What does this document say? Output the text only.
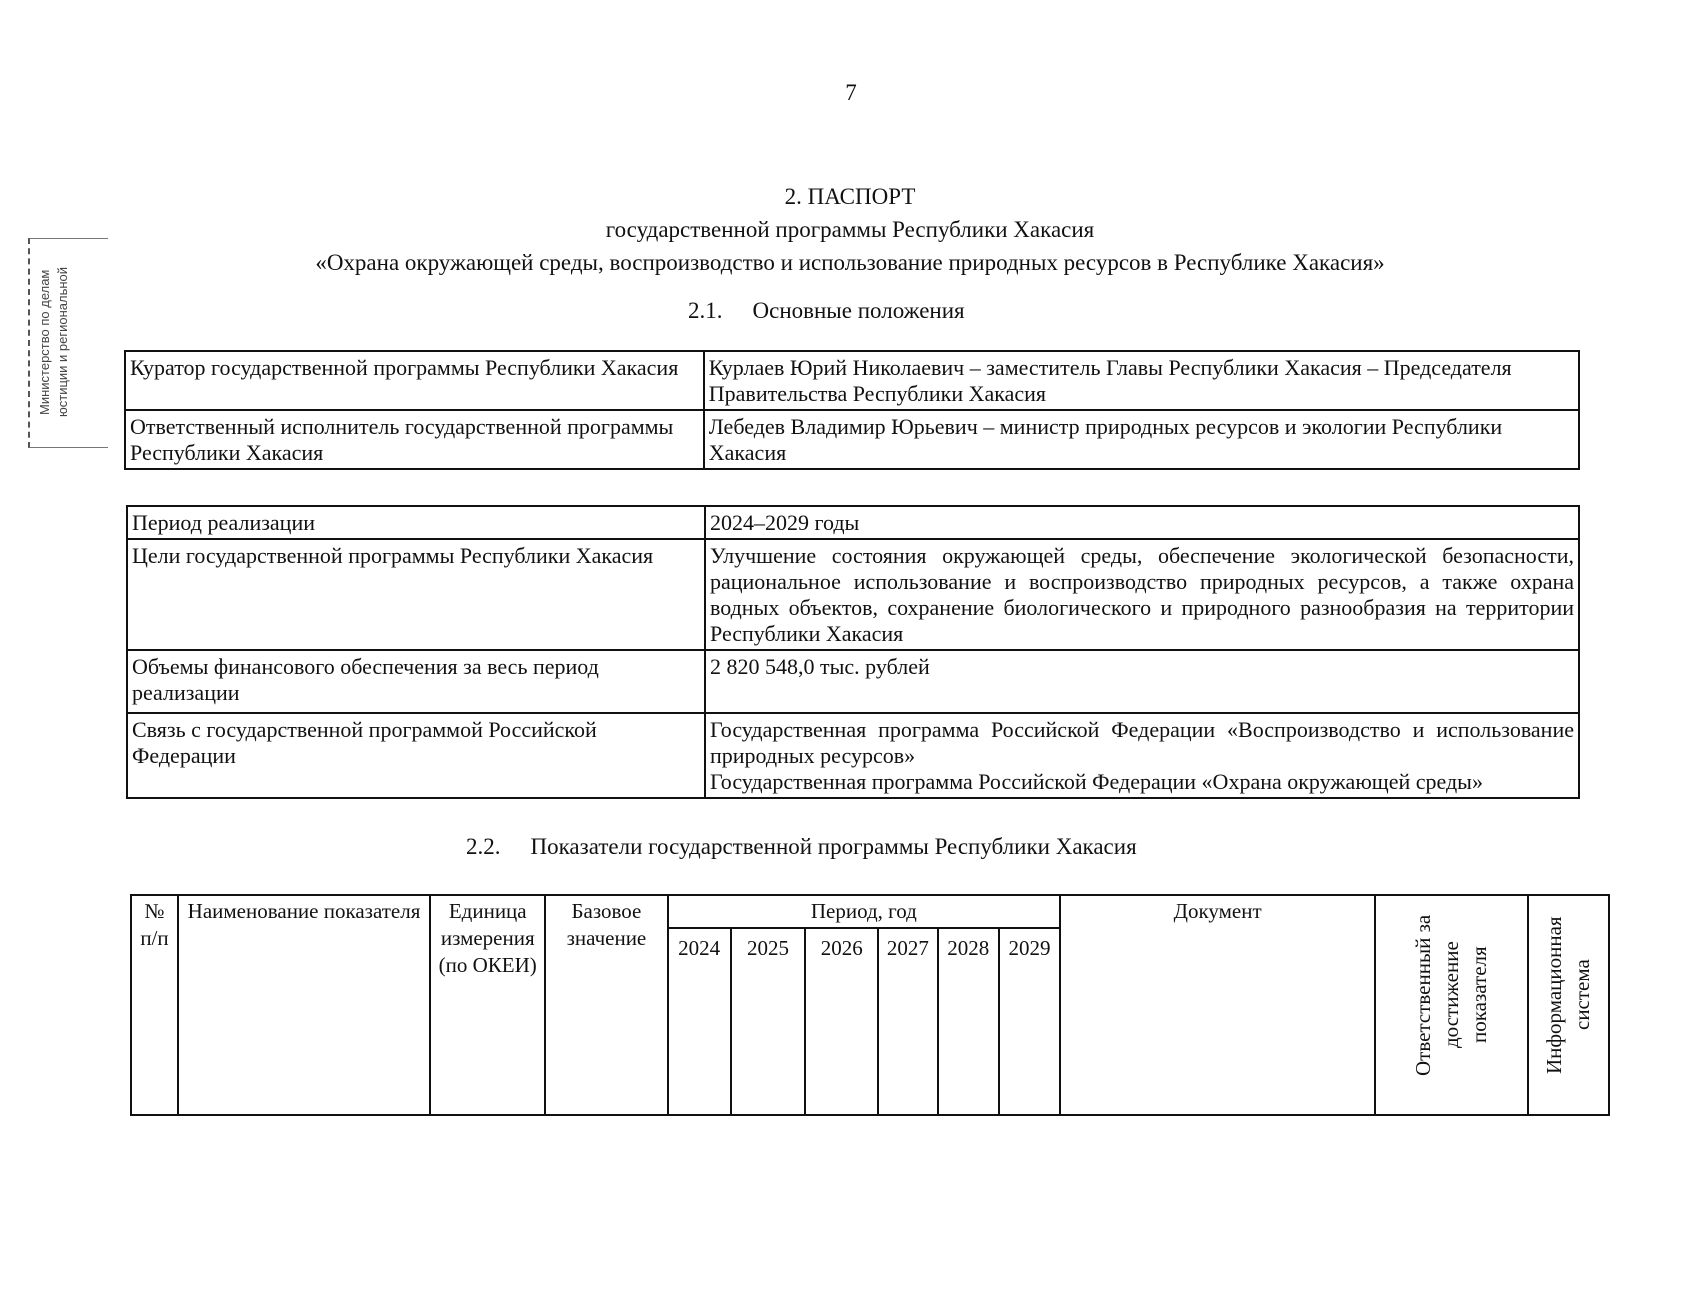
7
Министерство по делам юстиции и региональной
2. ПАСПОРТ
государственной программы Республики Хакасия
«Охрана окружающей среды, воспроизводство и использование природных ресурсов в Республике Хакасия»
2.1. Основные положения
Куратор государственной программы Республики Хакасия	Курлаев Юрий Николаевич – заместитель Главы Республики Хакасия – Председателя Правительства Республики Хакасия
Ответственный исполнитель государственной программы Республики Хакасия	Лебедев Владимир Юрьевич – министр природных ресурсов и экологии Республики Хакасия
Период реализации	2024–2029 годы
Цели государственной программы Республики Хакасия	Улучшение состояния окружающей среды, обеспечение экологической безопасности, рациональное использование и воспроизводство природных ресурсов, а также охрана водных объектов, сохранение биологического и природного разнообразия на территории Республики Хакасия
Объемы финансового обеспечения за весь период реализации	2 820 548,0 тыс. рублей
Связь с государственной программой Российской Федерации	Государственная программа Российской Федерации «Воспроизводство и использование природных ресурсов»
Государственная программа Российской Федерации «Охрана окружающей среды»
2.2. Показатели государственной программы Республики Хакасия
№ п/п	Наименование показателя	Единица измерения (по ОКЕИ)	Базовое значение	Период, год						Документ	Ответственный за достижение показателя	Информационная система
				2024	2025	2026	2027	2028	2029			
